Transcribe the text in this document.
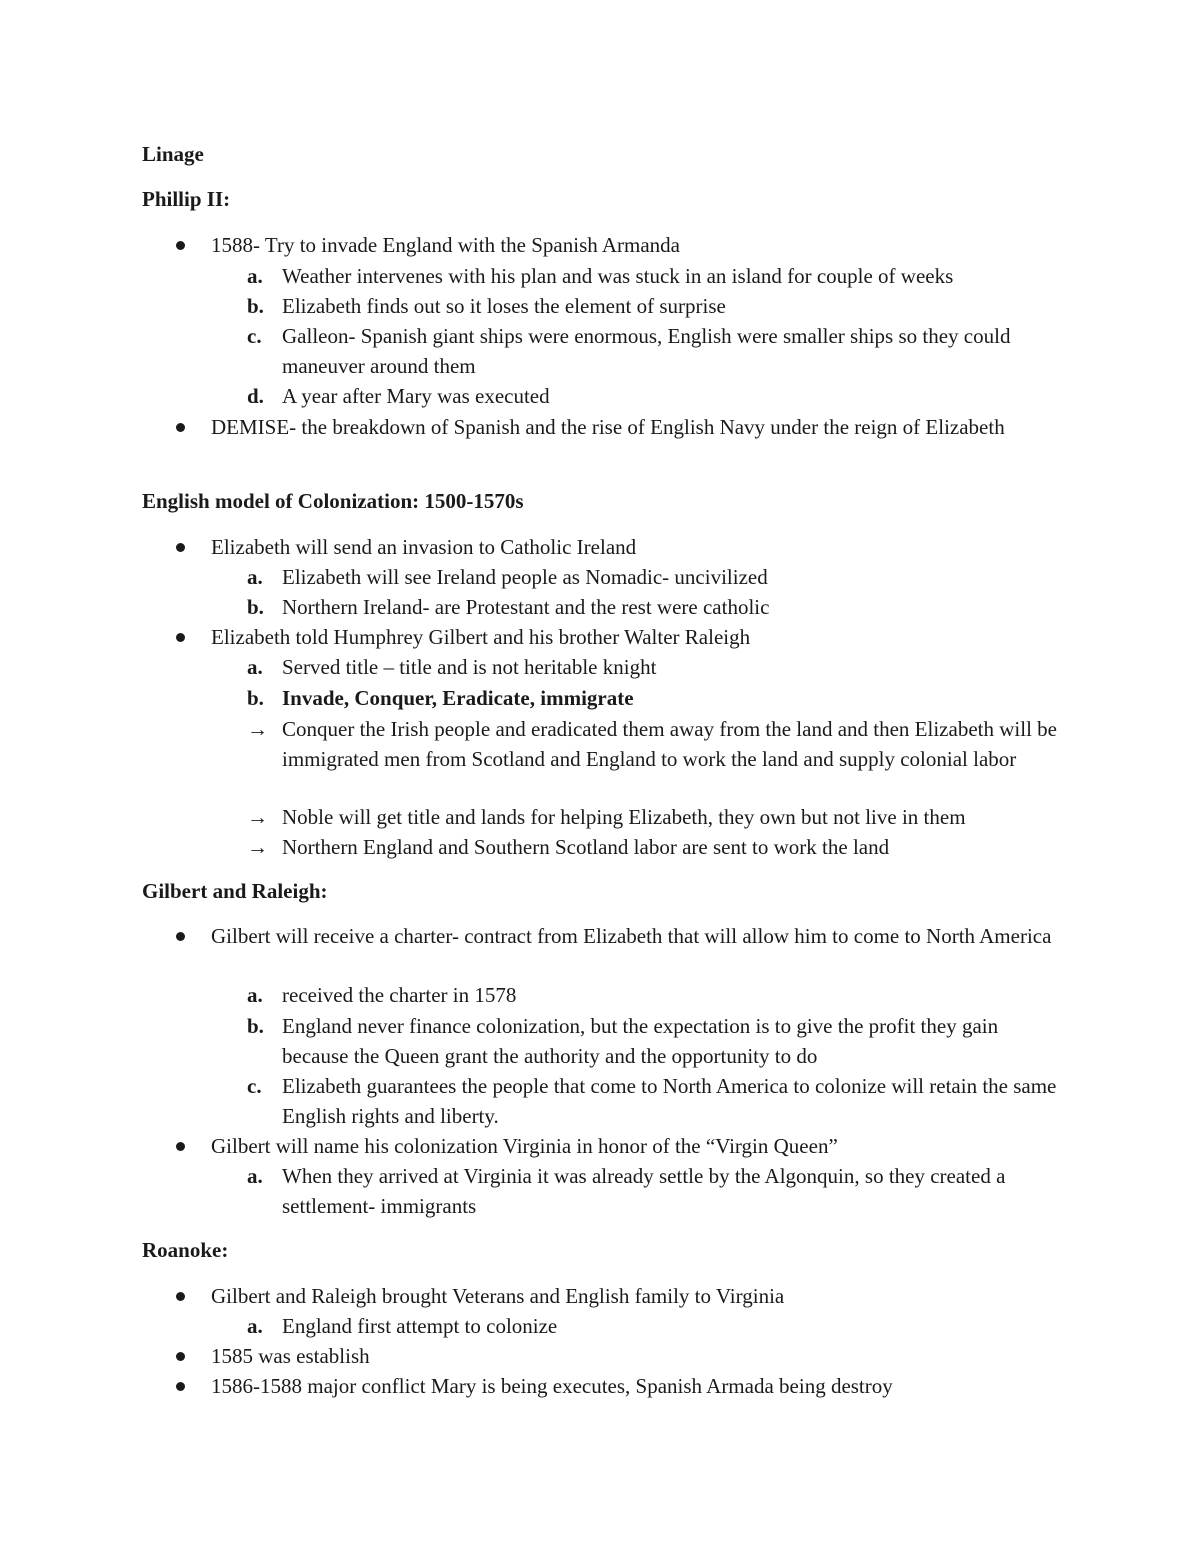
Linage
Phillip II:
1588- Try to invade England with the Spanish Armanda
a. Weather intervenes with his plan and was stuck in an island for couple of weeks
b. Elizabeth finds out so it loses the element of surprise
c. Galleon- Spanish giant ships were enormous, English were smaller ships so they could maneuver around them
d. A year after Mary was executed
DEMISE- the breakdown of Spanish and the rise of English Navy under the reign of Elizabeth
English model of Colonization: 1500-1570s
Elizabeth will send an invasion to Catholic Ireland
a. Elizabeth will see Ireland people as Nomadic- uncivilized
b. Northern Ireland- are Protestant and the rest were catholic
Elizabeth told Humphrey Gilbert and his brother Walter Raleigh
a. Served title – title and is not heritable knight
b. Invade, Conquer, Eradicate, immigrate
→ Conquer the Irish people and eradicated them away from the land and then Elizabeth will be immigrated men from Scotland and England to work the land and supply colonial labor
→ Noble will get title and lands for helping Elizabeth, they own but not live in them
→ Northern England and Southern Scotland labor are sent to work the land
Gilbert and Raleigh:
Gilbert will receive a charter- contract from Elizabeth that will allow him to come to North America
a. received the charter in 1578
b. England never finance colonization, but the expectation is to give the profit they gain because the Queen grant the authority and the opportunity to do
c. Elizabeth guarantees the people that come to North America to colonize will retain the same English rights and liberty.
Gilbert will name his colonization Virginia in honor of the “Virgin Queen”
a. When they arrived at Virginia it was already settle by the Algonquin, so they created a settlement- immigrants
Roanoke:
Gilbert and Raleigh brought Veterans and English family to Virginia
a. England first attempt to colonize
1585 was establish
1586-1588 major conflict Mary is being executes, Spanish Armada being destroy
